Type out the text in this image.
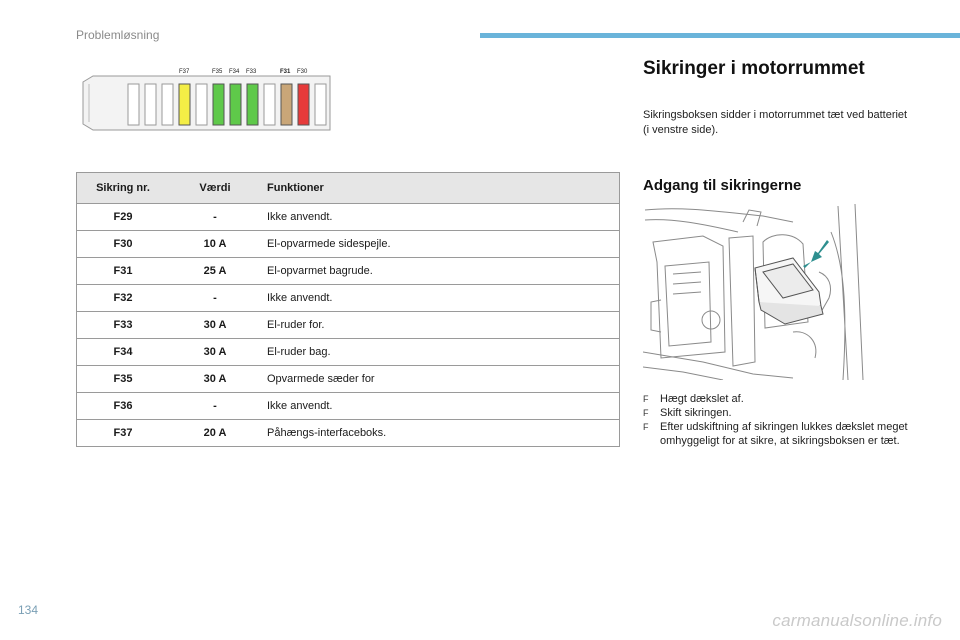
Problemløsning
F37	F35 F34 F33	F31 F30
Sikring nr.	Værdi	Funktioner
F29	-	Ikke anvendt.
F30	10 A	El-opvarmede sidespejle.
F31	25 A	El-opvarmet bagrude.
F32	-	Ikke anvendt.
F33	30 A	El-ruder for.
F34	30 A	El-ruder bag.
F35	30 A	Opvarmede sæder for
F36	-	Ikke anvendt.
F37	20 A	Påhængs-interfaceboks.
Sikringer i motorrummet
Sikringsboksen sidder i motorrummet tæt ved batteriet (i venstre side).
Adgang til sikringerne
F Hægt dækslet af.
F Skift sikringen.
F Efter udskiftning af sikringen lukkes dækslet meget omhyggeligt for at sikre, at sikringsboksen er tæt.
134
carmanualsonline.info
